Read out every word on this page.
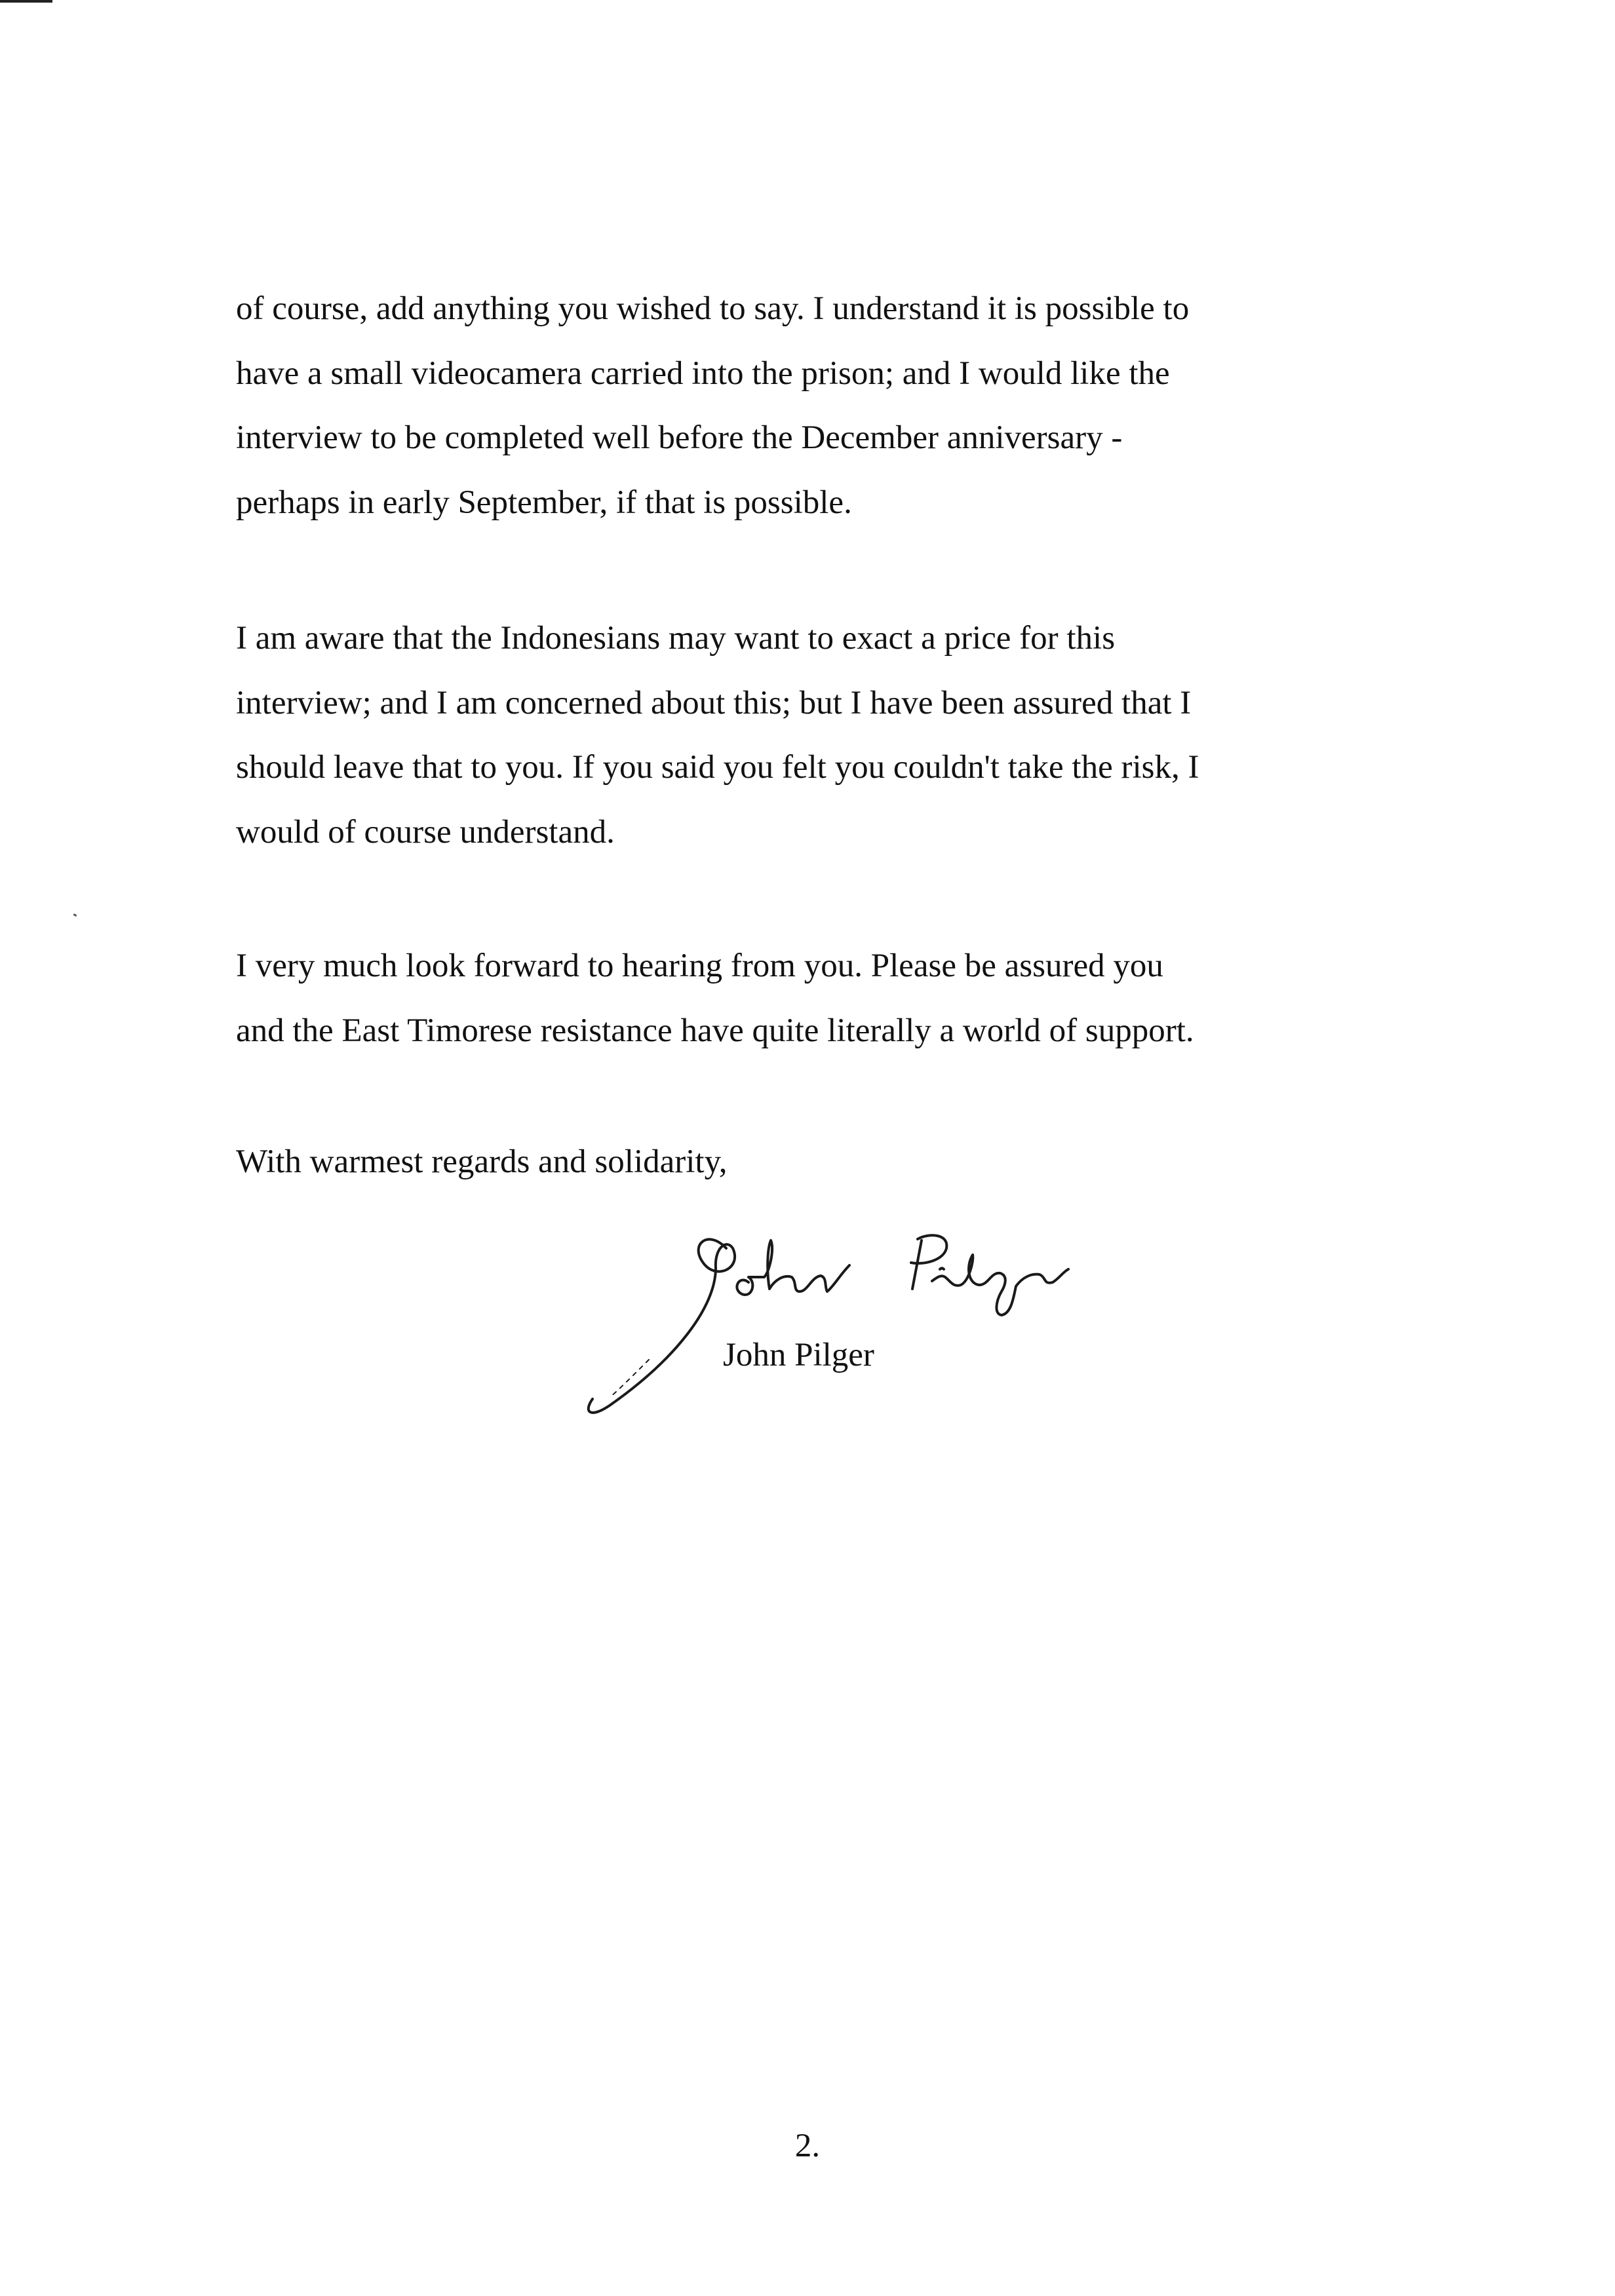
of course, add anything you wished to say. I understand it is possible to
have a small videocamera carried into the prison; and I would like the
interview to be completed well before the December anniversary -
perhaps in early September, if that is possible.

I am aware that the Indonesians may want to exact a price for this
interview; and I am concerned about this; but I have been assured that I
should leave that to you. If you said you felt you couldn't take the risk, I
would of course understand.

I very much look forward to hearing from you. Please be assured you
and the East Timorese resistance have quite literally a world of support.

With warmest regards and solidarity,

John Pilger
2.
